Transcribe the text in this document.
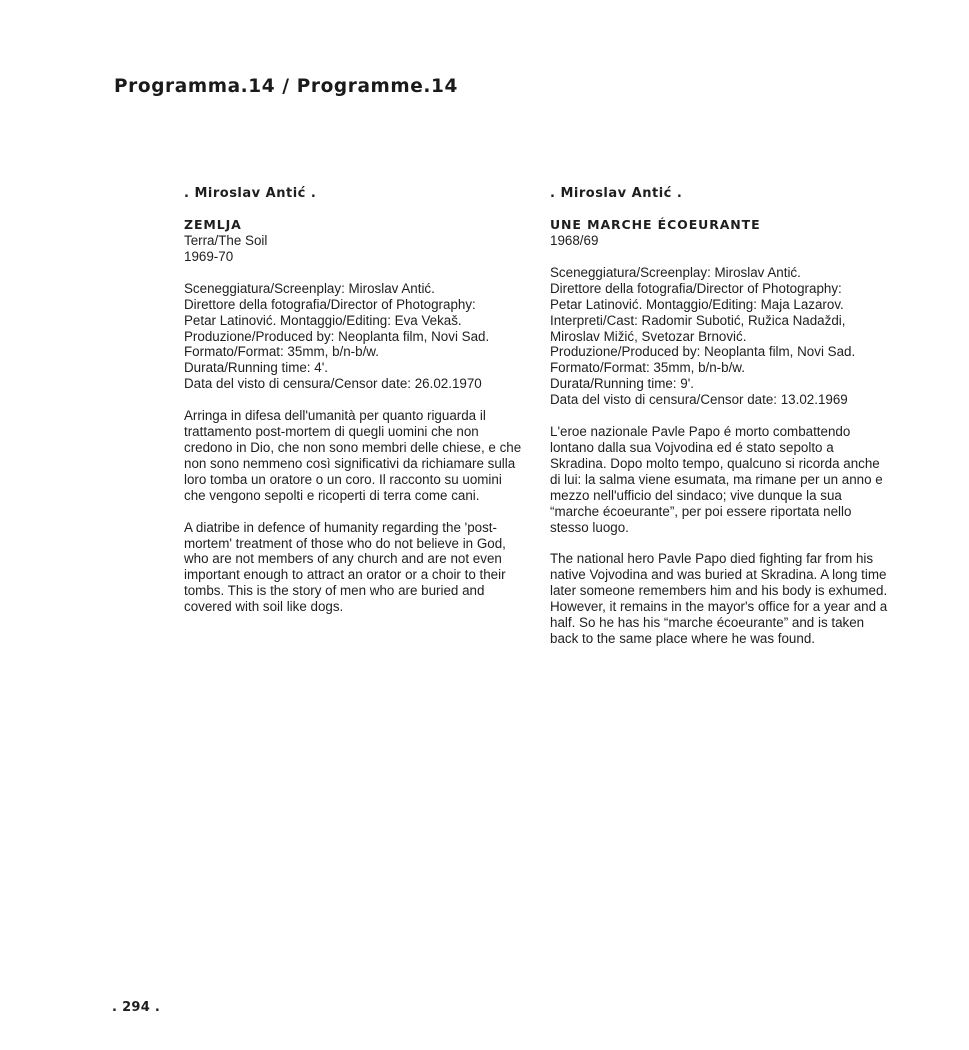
Programma.14 / Programme.14
. Miroslav Antić .
ZEMLJA
Terra/The Soil
1969-70
Sceneggiatura/Screenplay: Miroslav Antić.
Direttore della fotografia/Director of Photography:
Petar Latinović. Montaggio/Editing: Eva Vekaš.
Produzione/Produced by: Neoplanta film, Novi Sad.
Formato/Format: 35mm, b/n-b/w.
Durata/Running time: 4'.
Data del visto di censura/Censor date: 26.02.1970
Arringa in difesa dell'umanità per quanto riguarda il
trattamento post-mortem di quegli uomini che non
credono in Dio, che non sono membri delle chiese, e che
non sono nemmeno così significativi da richiamare sulla
loro tomba un oratore o un coro. Il racconto su uomini
che vengono sepolti e ricoperti di terra come cani.
A diatribe in defence of humanity regarding the 'post-
mortem' treatment of those who do not believe in God,
who are not members of any church and are not even
important enough to attract an orator or a choir to their
tombs. This is the story of men who are buried and
covered with soil like dogs.
. Miroslav Antić .
UNE MARCHE ÉCOEURANTE
1968/69
Sceneggiatura/Screenplay: Miroslav Antić.
Direttore della fotografia/Director of Photography:
Petar Latinović. Montaggio/Editing: Maja Lazarov.
Interpreti/Cast: Radomir Subotić, Ružica Nadaždi,
Miroslav Mižić, Svetozar Brnović.
Produzione/Produced by: Neoplanta film, Novi Sad.
Formato/Format: 35mm, b/n-b/w.
Durata/Running time: 9'.
Data del visto di censura/Censor date: 13.02.1969
L'eroe nazionale Pavle Papo é morto combattendo
lontano dalla sua Vojvodina ed é stato sepolto a
Skradina. Dopo molto tempo, qualcuno si ricorda anche
di lui: la salma viene esumata, ma rimane per un anno e
mezzo nell'ufficio del sindaco; vive dunque la sua
“marche écoeurante”, per poi essere riportata nello
stesso luogo.
The national hero Pavle Papo died fighting far from his
native Vojvodina and was buried at Skradina. A long time
later someone remembers him and his body is exhumed.
However, it remains in the mayor's office for a year and a
half. So he has his “marche écoeurante” and is taken
back to the same place where he was found.
. 294 .
